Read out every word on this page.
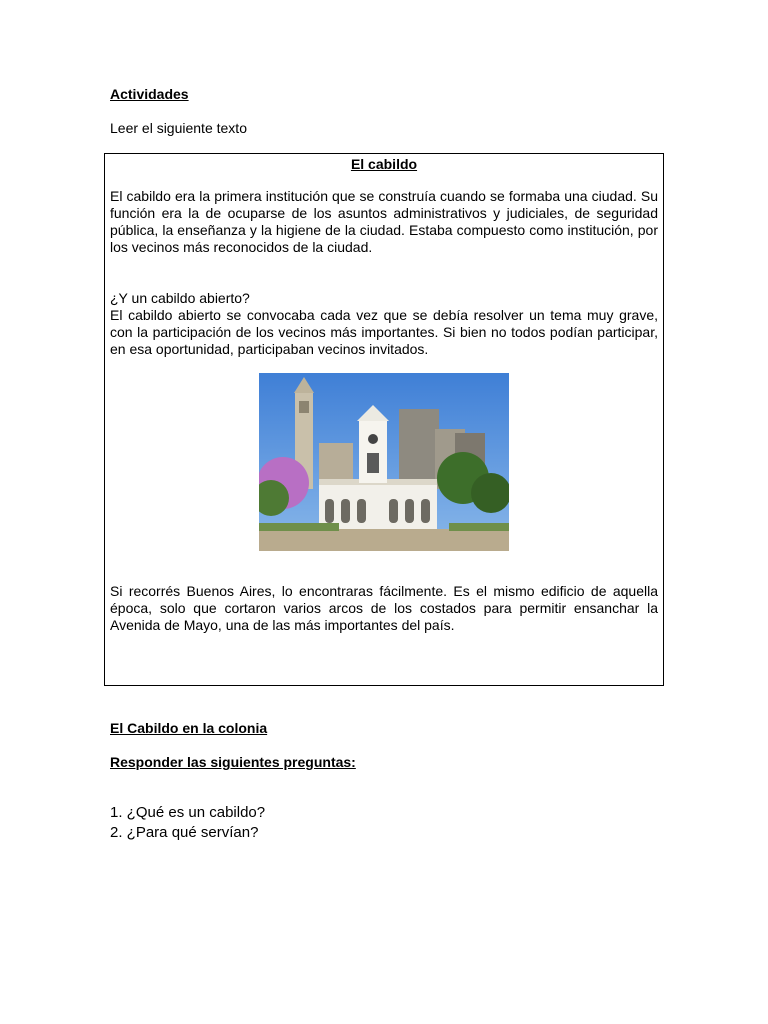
Actividades
Leer el siguiente texto
El cabildo

El cabildo era la primera institución que se construía cuando se formaba una ciudad. Su función era la de ocuparse de los asuntos administrativos y judiciales, de seguridad pública, la enseñanza y la higiene de la ciudad. Estaba compuesto como institución, por los vecinos más reconocidos de la ciudad.

¿Y un cabildo abierto?

El cabildo abierto se convocaba cada vez que se debía resolver un tema muy grave, con la participación de los vecinos más importantes. Si bien no todos podían participar, en esa oportunidad, participaban vecinos invitados.

Si recorrés Buenos Aires, lo encontraras fácilmente. Es el mismo edificio de aquella época, solo que cortaron varios arcos de los costados para permitir ensanchar la Avenida de Mayo, una de las más importantes del país.

El Cabildo en la colonia
Responder las siguientes preguntas:
1. ¿Qué es un cabildo?
2. ¿Para qué servían?
